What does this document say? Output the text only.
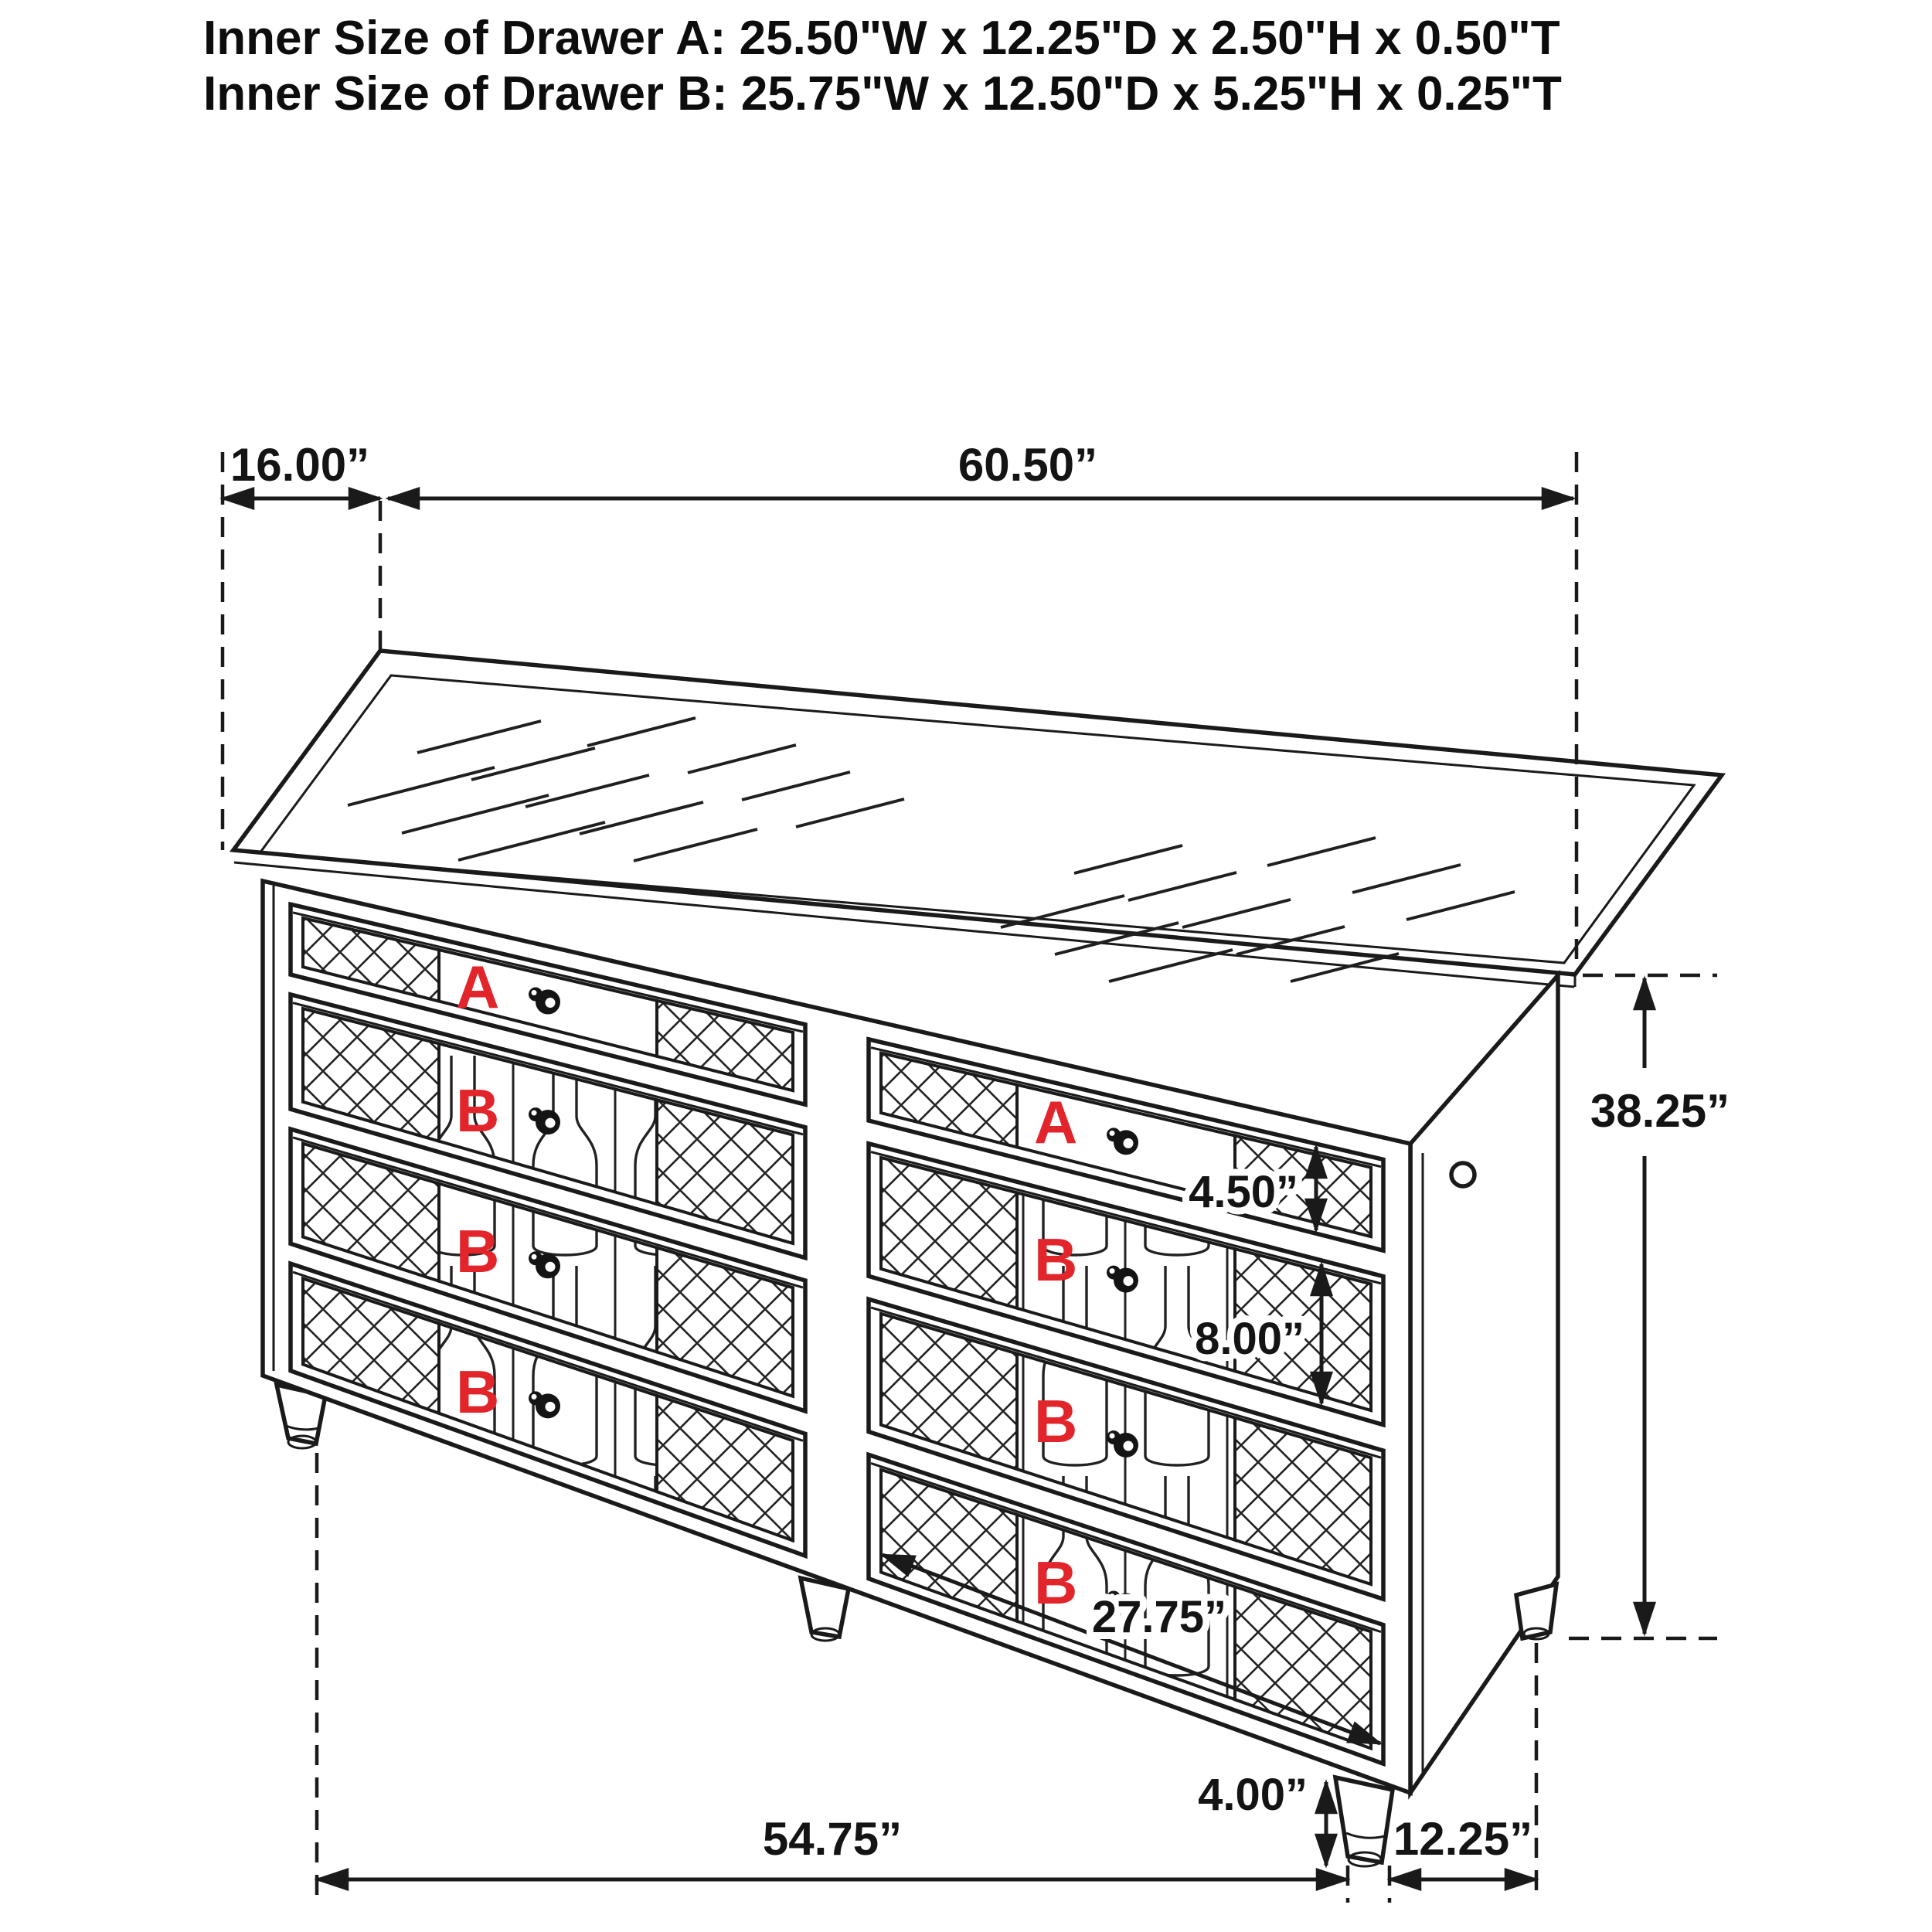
Inner Size of Drawer A: 25.50"W x 12.25"D x 2.50"H x 0.50"T
Inner Size of Drawer B: 25.75"W x 12.50"D x 5.25"H x 0.25"T
A
B
B
B
A
B
B
B
16.00”	60.50”
38.25”
4.50”
8.00”
27.75”
4.00”
54.75”	12.25”
